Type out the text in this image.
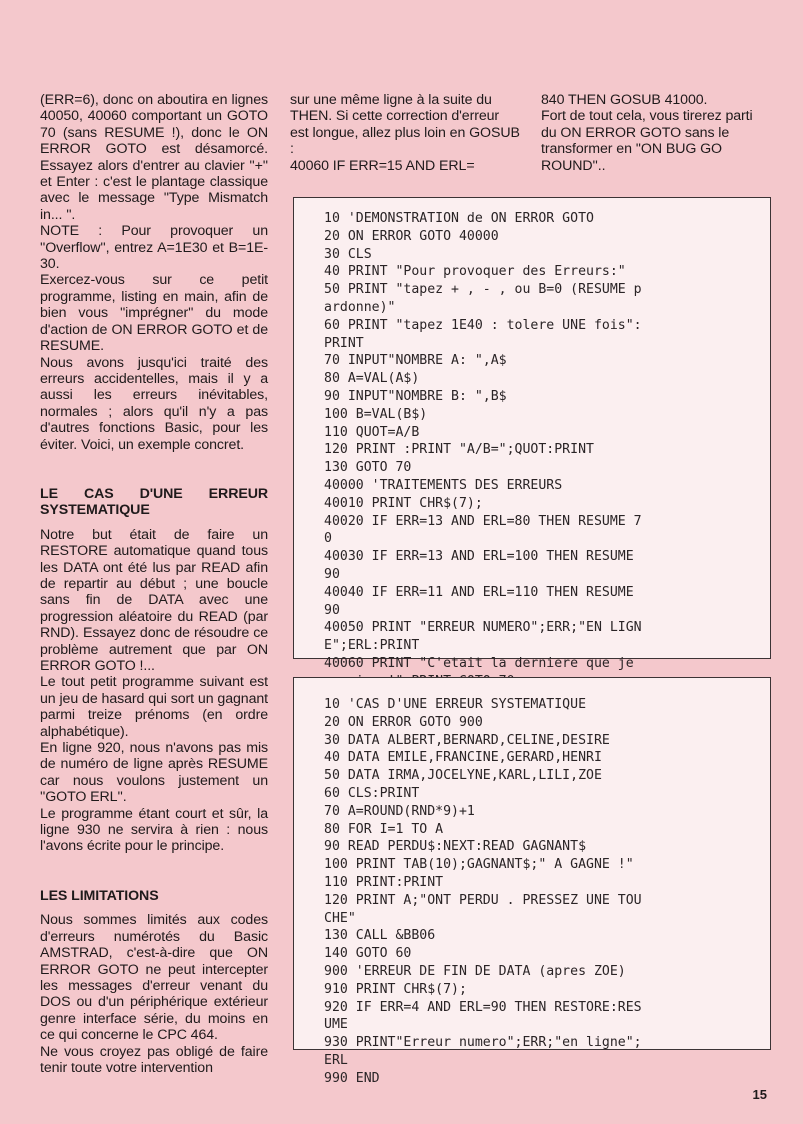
(ERR=6), donc on aboutira en lignes 40050, 40060 comportant un GOTO 70 (sans RESUME !), donc le ON ERROR GOTO est désamorcé. Essayez alors d'entrer au clavier ''+'' et Enter : c'est le plantage classique avec le message ''Type Mismatch in... ''.

NOTE : Pour provoquer un ''Overflow'', entrez A=1E30 et B=1E-30.

Exercez-vous sur ce petit programme, listing en main, afin de bien vous ''imprégner'' du mode d'action de ON ERROR GOTO et de RESUME.

Nous avons jusqu'ici traité des erreurs accidentelles, mais il y a aussi les erreurs inévitables, normales ; alors qu'il n'y a pas d'autres fonctions Basic, pour les éviter. Voici, un exemple concret.

LE CAS D'UNE ERREUR SYSTEMATIQUE

Notre but était de faire un RESTORE automatique quand tous les DATA ont été lus par READ afin de repartir au début ; une boucle sans fin de DATA avec une progression aléatoire du READ (par RND). Essayez donc de résoudre ce problème autrement que par ON ERROR GOTO !...

Le tout petit programme suivant est un jeu de hasard qui sort un gagnant parmi treize prénoms (en ordre alphabétique).

En ligne 920, nous n'avons pas mis de numéro de ligne après RESUME car nous voulons justement un ''GOTO ERL''.

Le programme étant court et sûr, la ligne 930 ne servira à rien : nous l'avons écrite pour le principe.

LES LIMITATIONS

Nous sommes limités aux codes d'erreurs numérotés du Basic AMSTRAD, c'est-à-dire que ON ERROR GOTO ne peut intercepter les messages d'erreur venant du DOS ou d'un périphérique extérieur genre interface série, du moins en ce qui concerne le CPC 464.

Ne vous croyez pas obligé de faire tenir toute votre intervention

sur une même ligne à la suite du THEN. Si cette correction d'erreur est longue, allez plus loin en GOSUB :

40060 IF ERR=15 AND ERL=

840 THEN GOSUB 41000.

Fort de tout cela, vous tirerez parti du ON ERROR GOTO sans le transformer en ''ON BUG GO ROUND''..

10 'DEMONSTRATION de ON ERROR GOTO
20 ON ERROR GOTO 40000
30 CLS
40 PRINT "Pour provoquer des Erreurs:"
50 PRINT "tapez + , - , ou B=0 (RESUME p
ardonne)"
60 PRINT "tapez 1E40 : tolere UNE fois":
PRINT
70 INPUT"NOMBRE A: ",A$
80 A=VAL(A$)
90 INPUT"NOMBRE B: ",B$
100 B=VAL(B$)
110 QUOT=A/B
120 PRINT :PRINT "A/B=";QUOT:PRINT
130 GOTO 70
40000 'TRAITEMENTS DES ERREURS
40010 PRINT CHR$(7);
40020 IF ERR=13 AND ERL=80 THEN RESUME 7
0
40030 IF ERR=13 AND ERL=100 THEN RESUME
90
40040 IF ERR=11 AND ERL=110 THEN RESUME
90
40050 PRINT "ERREUR NUMERO";ERR;"EN LIGN
E";ERL:PRINT
40060 PRINT "C'etait la derniere que je
10 'CAS D'UNE ERREUR SYSTEMATIQUE
20 ON ERROR GOTO 900
30 DATA ALBERT,BERNARD,CELINE,DESIRE
40 DATA EMILE,FRANCINE,GERARD,HENRI
50 DATA IRMA,JOCELYNE,KARL,LILI,ZOE
60 CLS:PRINT
70 A=ROUND(RND*9)+1
80 FOR I=1 TO A
90 READ PERDU$:NEXT:READ GAGNANT$
100 PRINT TAB(10);GAGNANT$;" A GAGNE !"
110 PRINT:PRINT
120 PRINT A;"ONT PERDU . PRESSEZ UNE TOU
CHE"
130 CALL &BB06
140 GOTO 60
900 'ERREUR DE FIN DE DATA (apres ZOE)
910 PRINT CHR$(7);
920 IF ERR=4 AND ERL=90 THEN RESTORE:RES
UME
930 PRINT"Erreur numero";ERR;"en ligne";
ERL
990 END
15
